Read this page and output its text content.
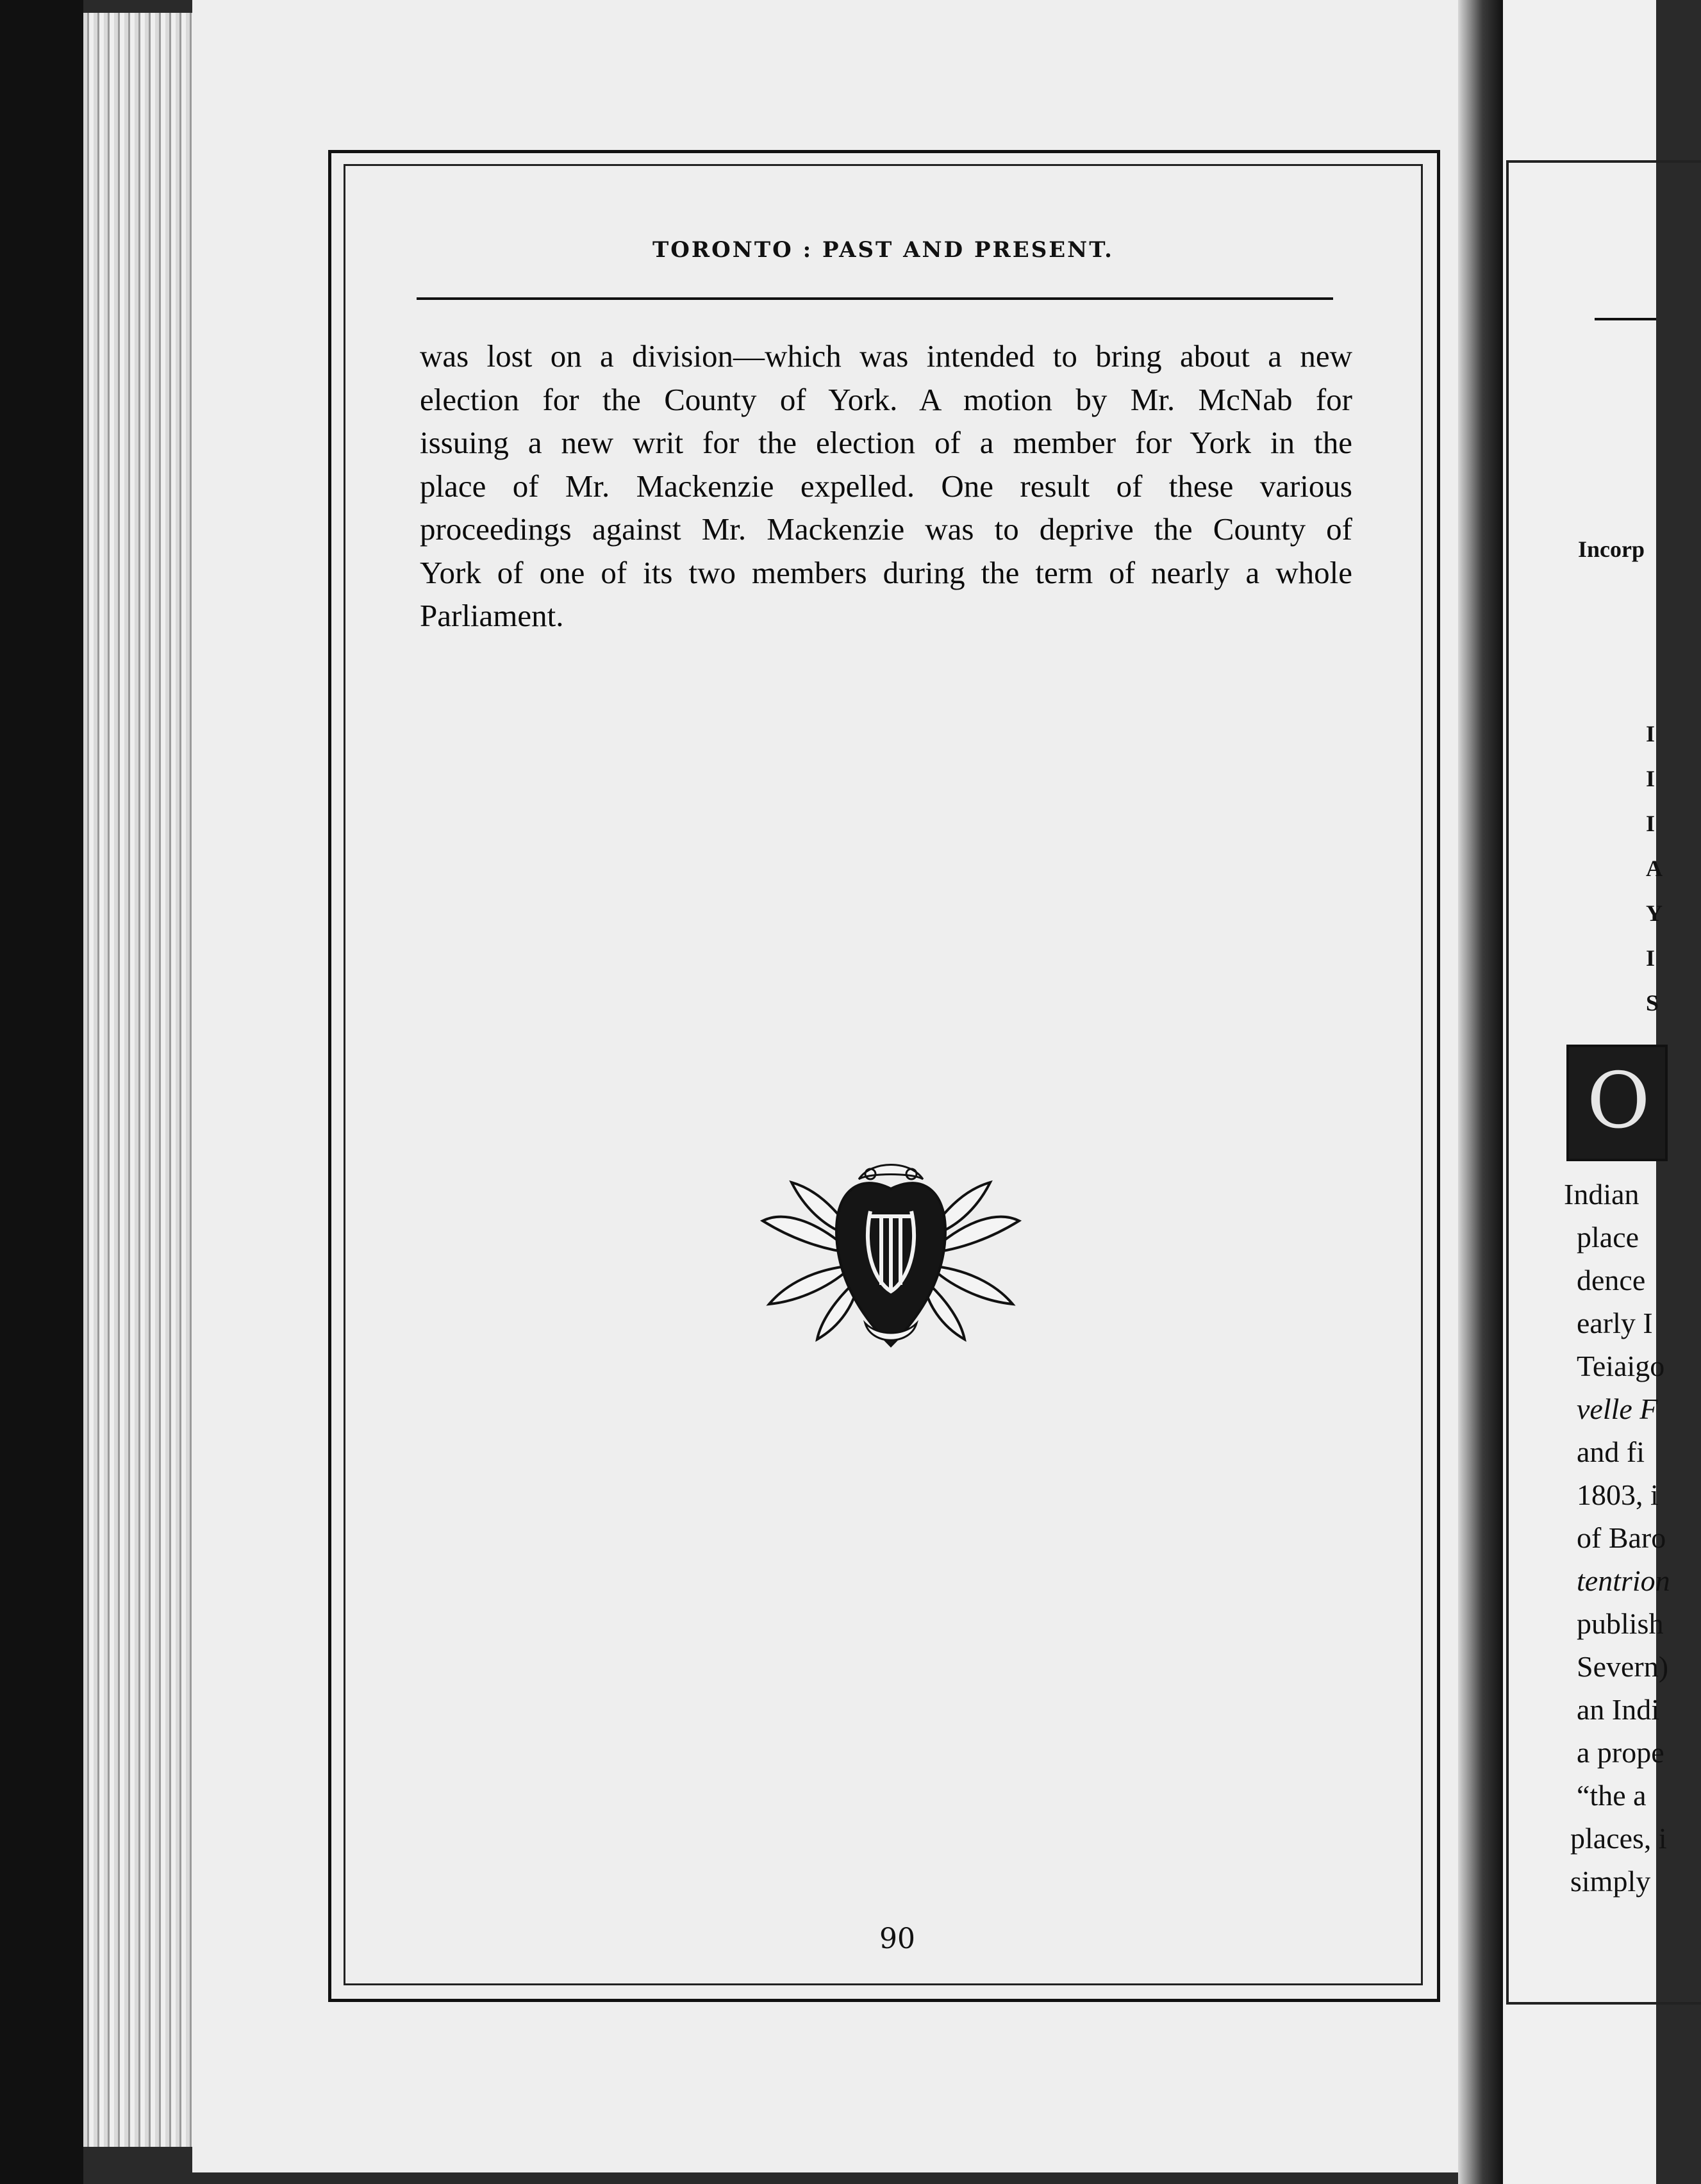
TORONTO : PAST AND PRESENT.
was lost on a division—which was intended to bring about a new
election for the County of York. A motion by Mr. McNab for
issuing a new writ for the election of a member for York in the
place of Mr. Mackenzie expelled. One result of these various
proceedings against Mr. Mackenzie was to deprive the County of
York of one of its two members during the term of nearly a whole
Parliament.
90
Incorp
I
I
I
A
Y
I
S
O
Indian
place
dence
early I
Teiaigo
velle F
and fi
1803, i
of Baro
tentrion
publish
Severn)
an Indi
a prope
“the a
places, i
simply
